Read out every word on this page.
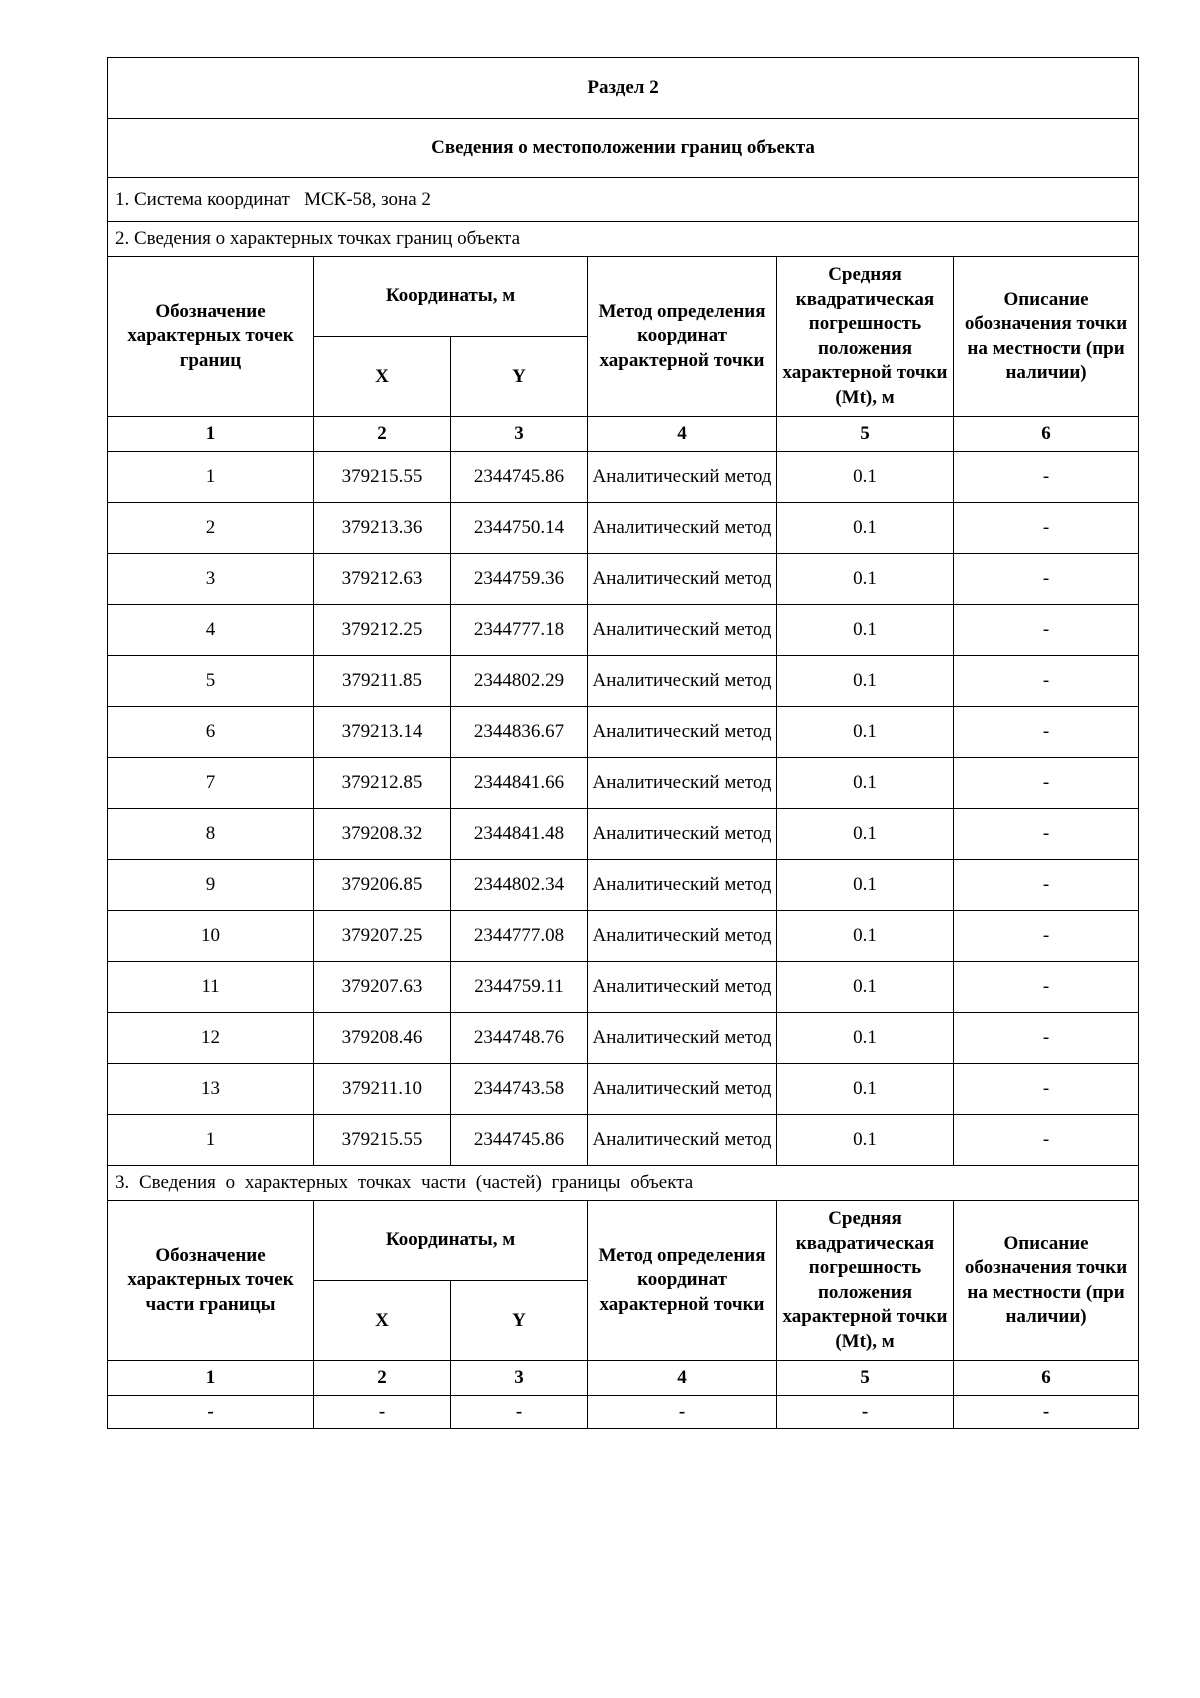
Раздел 2					
Сведения о местоположении границ объекта					
1. Система координат   МСК-58, зона 2					
2. Сведения о характерных точках границ объекта					
Обозначение характерных точек границ	Координаты, м		Метод определения координат характерной точки	Средняя квадратическая погрешность положения характерной точки (Mt), м	Описание обозначения точки на местности (при наличии)
	X	Y			
1	2	3	4	5	6
1	379215.55	2344745.86	Аналитический метод	0.1	-
2	379213.36	2344750.14	Аналитический метод	0.1	-
3	379212.63	2344759.36	Аналитический метод	0.1	-
4	379212.25	2344777.18	Аналитический метод	0.1	-
5	379211.85	2344802.29	Аналитический метод	0.1	-
6	379213.14	2344836.67	Аналитический метод	0.1	-
7	379212.85	2344841.66	Аналитический метод	0.1	-
8	379208.32	2344841.48	Аналитический метод	0.1	-
9	379206.85	2344802.34	Аналитический метод	0.1	-
10	379207.25	2344777.08	Аналитический метод	0.1	-
11	379207.63	2344759.11	Аналитический метод	0.1	-
12	379208.46	2344748.76	Аналитический метод	0.1	-
13	379211.10	2344743.58	Аналитический метод	0.1	-
1	379215.55	2344745.86	Аналитический метод	0.1	-
3. Сведения о характерных точках части (частей) границы объекта					
Обозначение характерных точек части границы	Координаты, м		Метод определения координат характерной точки	Средняя квадратическая погрешность положения характерной точки (Mt), м	Описание обозначения точки на местности (при наличии)
	X	Y			
1	2	3	4	5	6
-	-	-	-	-	-
